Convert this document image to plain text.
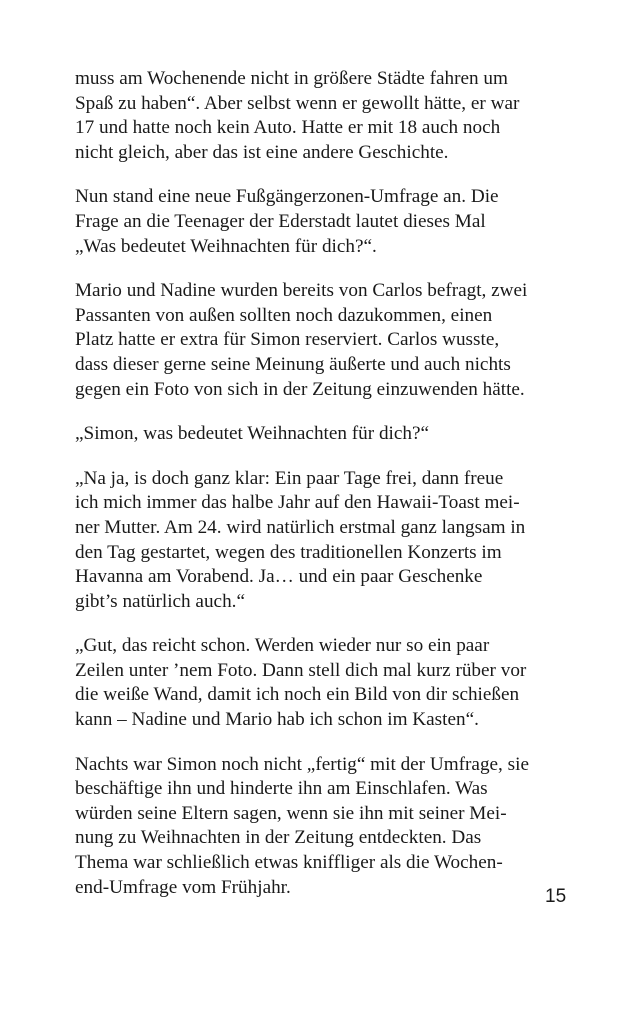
muss am Wochenende nicht in größere Städte fahren um
Spaß zu haben“. Aber selbst wenn er gewollt hätte, er war
17 und hatte noch kein Auto. Hatte er mit 18 auch noch
nicht gleich, aber das ist eine andere Geschichte.

Nun stand eine neue Fußgängerzonen-Umfrage an. Die
Frage an die Teenager der Ederstadt lautet dieses Mal
„Was bedeutet Weihnachten für dich?“.

Mario und Nadine wurden bereits von Carlos befragt, zwei
Passanten von außen sollten noch dazukommen, einen
Platz hatte er extra für Simon reserviert. Carlos wusste,
dass dieser gerne seine Meinung äußerte und auch nichts
gegen ein Foto von sich in der Zeitung einzuwenden hätte.

„Simon, was bedeutet Weihnachten für dich?“

„Na ja, is doch ganz klar: Ein paar Tage frei, dann freue
ich mich immer das halbe Jahr auf den Hawaii-Toast mei-
ner Mutter. Am 24. wird natürlich erstmal ganz langsam in
den Tag gestartet, wegen des traditionellen Konzerts im
Havanna am Vorabend. Ja… und ein paar Geschenke
gibt’s natürlich auch.“

„Gut, das reicht schon. Werden wieder nur so ein paar
Zeilen unter ’nem Foto. Dann stell dich mal kurz rüber vor
die weiße Wand, damit ich noch ein Bild von dir schießen
kann – Nadine und Mario hab ich schon im Kasten“.

Nachts war Simon noch nicht „fertig“ mit der Umfrage, sie
beschäftige ihn und hinderte ihn am Einschlafen. Was
würden seine Eltern sagen, wenn sie ihn mit seiner Mei-
nung zu Weihnachten in der Zeitung entdeckten. Das
Thema war schließlich etwas kniffliger als die Wochen-
end-Umfrage vom Frühjahr.	15
